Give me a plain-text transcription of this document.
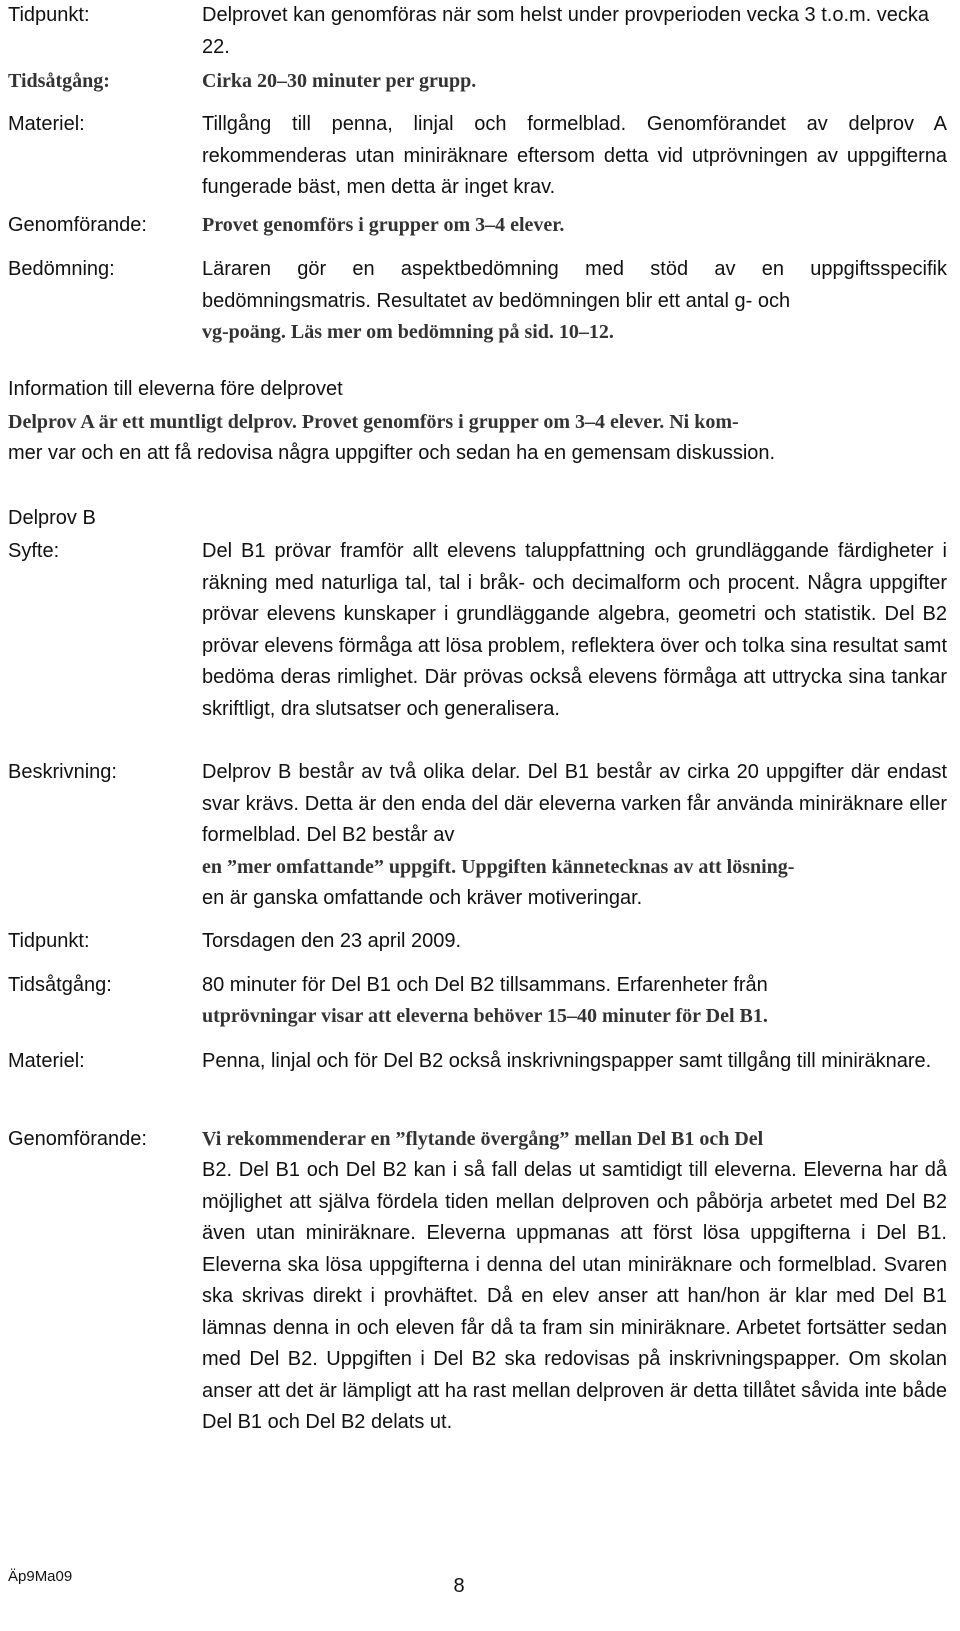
Tidpunkt:	Delprovet kan genomföras när som helst under provperioden vecka 3 t.o.m. vecka 22.
Tidsåtgång:	Cirka 20–30 minuter per grupp.
Materiel:	Tillgång till penna, linjal och formelblad. Genomförandet av delprov A rekommenderas utan miniräknare eftersom detta vid utprövningen av uppgifterna fungerade bäst, men detta är inget krav.
Genomförande:	Provet genomförs i grupper om 3–4 elever.
Bedömning:	Läraren gör en aspektbedömning med stöd av en uppgiftsspecifik bedömningsmatris. Resultatet av bedömningen blir ett antal g- och
vg-poäng. Läs mer om bedömning på sid. 10–12.
Information till eleverna före delprovet
Delprov A är ett muntligt delprov. Provet genomförs i grupper om 3–4 elever. Ni kom-
mer var och en att få redovisa några uppgifter och sedan ha en gemensam diskussion.
Delprov B
Syfte:	Del B1 prövar framför allt elevens taluppfattning och grundläggande färdigheter i räkning med naturliga tal, tal i bråk- och decimalform och procent. Några uppgifter prövar elevens kunskaper i grundläggande algebra, geometri och statistik. Del B2 prövar elevens förmåga att lösa problem, reflektera över och tolka sina resultat samt bedöma deras rimlighet. Där prövas också elevens förmåga att uttrycka sina tankar skriftligt, dra slutsatser och generalisera.
Beskrivning:	Delprov B består av två olika delar. Del B1 består av cirka 20 uppgifter där endast svar krävs. Detta är den enda del där eleverna varken får använda miniräknare eller formelblad. Del B2 består av
en ”mer omfattande” uppgift. Uppgiften kännetecknas av att lösning-
en är ganska omfattande och kräver motiveringar.
Tidpunkt:	Torsdagen den 23 april 2009.
Tidsåtgång:	80 minuter för Del B1 och Del B2 tillsammans. Erfarenheter från
utprövningar visar att eleverna behöver 15–40 minuter för Del B1.
Materiel:	Penna, linjal och för Del B2 också inskrivningspapper samt tillgång till miniräknare.
Genomförande:	Vi rekommenderar en ”flytande övergång” mellan Del B1 och Del
B2. Del B1 och Del B2 kan i så fall delas ut samtidigt till eleverna. Eleverna har då möjlighet att själva fördela tiden mellan delproven och påbörja arbetet med Del B2 även utan miniräknare. Eleverna uppmanas att först lösa uppgifterna i Del B1. Eleverna ska lösa uppgifterna i denna del utan miniräknare och formelblad. Svaren ska skrivas direkt i provhäftet. Då en elev anser att han/hon är klar med Del B1 lämnas denna in och eleven får då ta fram sin miniräknare. Arbetet fortsätter sedan med Del B2. Uppgiften i Del B2 ska redovisas på inskrivningspapper. Om skolan anser att det är lämpligt att ha rast mellan delproven är detta tillåtet såvida inte både Del B1 och Del B2 delats ut.
Äp9Ma09	8
